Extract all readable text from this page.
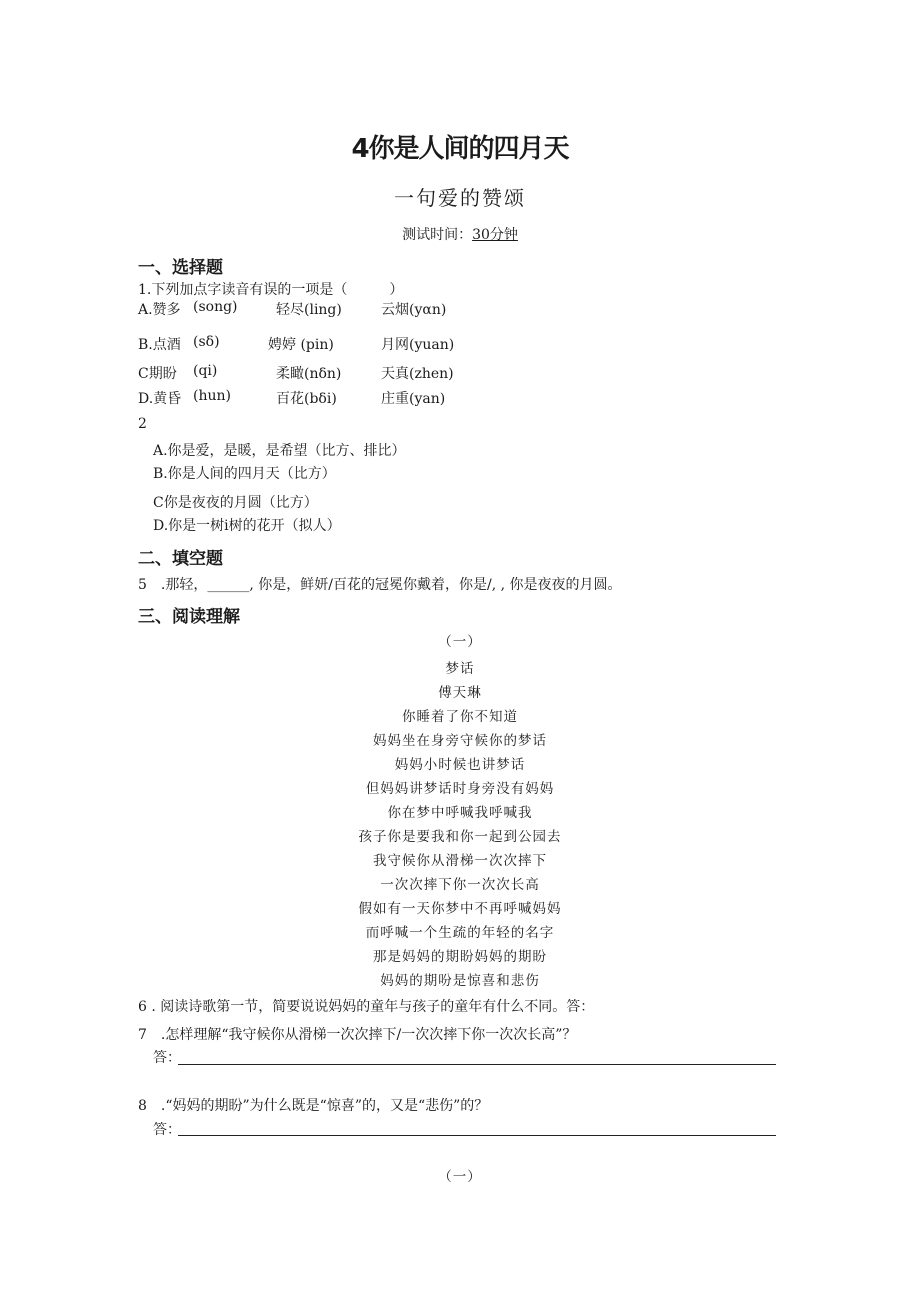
4你是人间的四月天
一句爱的赞颂
测试时间：30分钟
一、选择题
1.下列加点字读音有误的一项是（　　　）
A.赞多 (song)	轻尽(ling)	云烟(yαn)
B.点酒 (sδ)	娉婷 (pin)	月网(yuan)
C期盼 (qi)	柔瞰(nδn)	天真(zhen)
D.黄昏 (hun)	百花(bδi)	庄重(yan)
2
A.你是爱，是暖，是希望（比方、排比）
B.你是人间的四月天（比方）
C你是夜夜的月圆（比方）
D.你是一树i树的花开（拟人）
二、填空题
5　.那轻，______, 你是，鲜妍/百花的冠冕你戴着，你是/, , 你是夜夜的月圆。
三、阅读理解
（一）
梦话
傅天琳
你睡着了你不知道
妈妈坐在身旁守候你的梦话
妈妈小时候也讲梦话
但妈妈讲梦话时身旁没有妈妈
你在梦中呼喊我呼喊我
孩子你是要我和你一起到公园去
我守候你从滑梯一次次摔下
一次次摔下你一次次长高
假如有一天你梦中不再呼喊妈妈
而呼喊一个生疏的年轻的名字
那是妈妈的期盼妈妈的期盼
妈妈的期吩是惊喜和悲伤
6 . 阅读诗歌第一节，简要说说妈妈的童年与孩子的童年有什么不同。答：
7　.怎样理解“我守候你从滑梯一次次摔下/一次次摔下你一次次长高”？
答：
8　.“妈妈的期盼”为什么既是“惊喜”的，又是“悲伤”的？
答：
（一）
